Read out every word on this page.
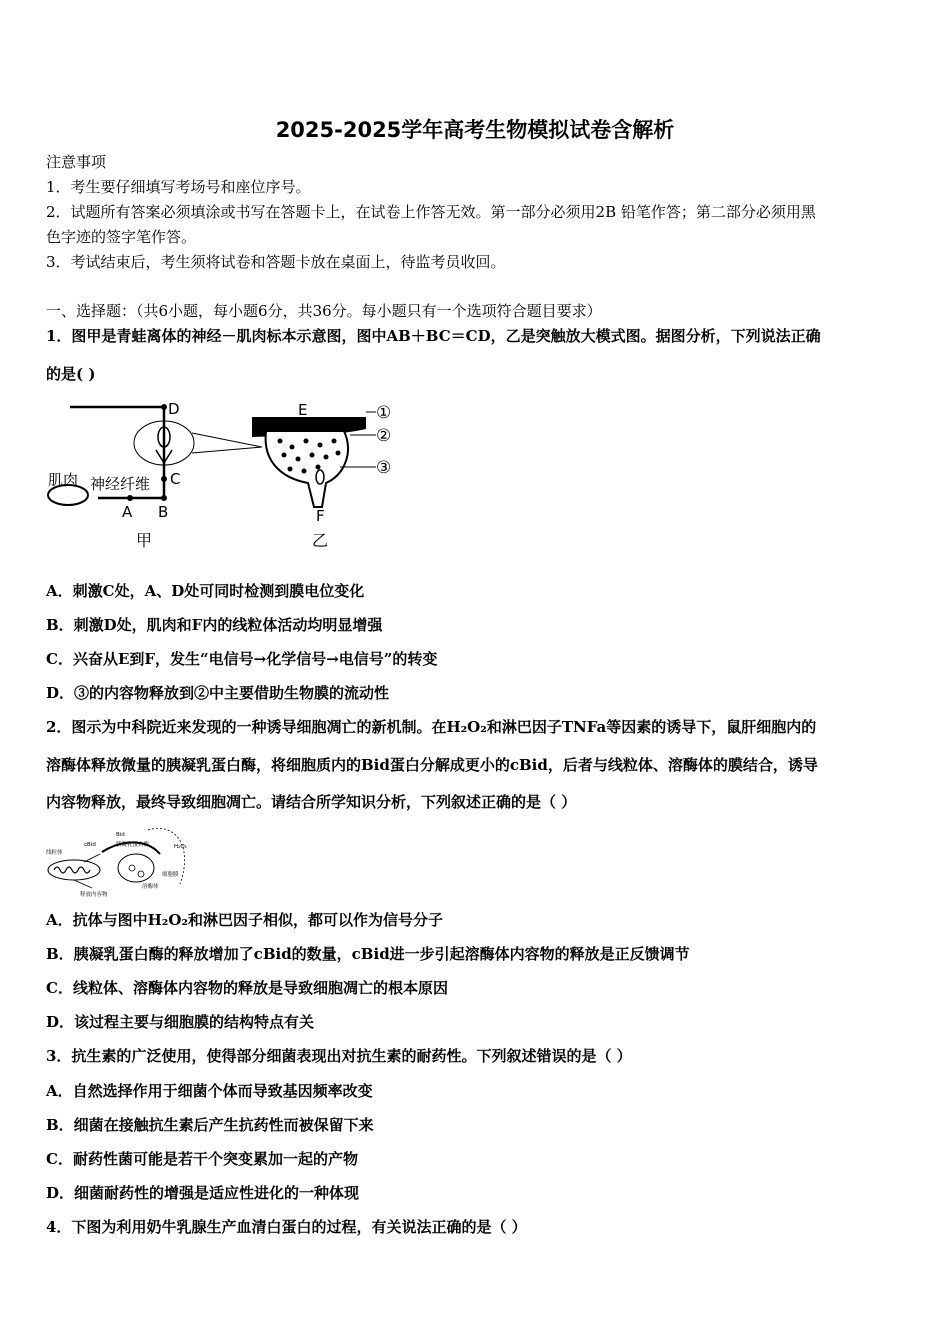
2025-2025学年高考生物模拟试卷含解析
注意事项
1．考生要仔细填写考场号和座位序号。
2．试题所有答案必须填涂或书写在答题卡上，在试卷上作答无效。第一部分必须用2B 铅笔作答；第二部分必须用黑
色字迹的签字笔作答。
3．考试结束后，考生须将试卷和答题卡放在桌面上，待监考员收回。
一、选择题：（共6小题，每小题6分，共36分。每小题只有一个选项符合题目要求）
1．图甲是青蛙离体的神经－肌肉标本示意图，图中AB＋BC＝CD，乙是突触放大模式图。据图分析，下列说法正确
的是( )
肌肉 神经纤维
A B
C
D
甲
E
F
①
②
③
乙
A．刺激C处，A、D处可同时检测到膜电位变化
B．刺激D处，肌肉和F内的线粒体活动均明显增强
C．兴奋从E到F，发生“电信号→化学信号→电信号”的转变
D．③的内容物释放到②中主要借助生物膜的流动性
2．图示为中科院近来发现的一种诱导细胞凋亡的新机制。在H₂O₂和淋巴因子TNFa等因素的诱导下，鼠肝细胞内的
溶酶体释放微量的胰凝乳蛋白酶，将细胞质内的Bid蛋白分解成更小的cBid，后者与线粒体、溶酶体的膜结合，诱导
内容物释放，最终导致细胞凋亡。请结合所学知识分析，下列叙述正确的是（ ）
线粒体
cBid
Bid
胰凝乳蛋白酶
溶酶体
释放内容物
细胞膜
H₂O₂
A．抗体与图中H₂O₂和淋巴因子相似，都可以作为信号分子
B．胰凝乳蛋白酶的释放增加了cBid的数量，cBid进一步引起溶酶体内容物的释放是正反馈调节
C．线粒体、溶酶体内容物的释放是导致细胞凋亡的根本原因
D．该过程主要与细胞膜的结构特点有关
3．抗生素的广泛使用，使得部分细菌表现出对抗生素的耐药性。下列叙述错误的是（ ）
A．自然选择作用于细菌个体而导致基因频率改变
B．细菌在接触抗生素后产生抗药性而被保留下来
C．耐药性菌可能是若干个突变累加一起的产物
D．细菌耐药性的增强是适应性进化的一种体现
4．下图为利用奶牛乳腺生产血清白蛋白的过程，有关说法正确的是（ ）
